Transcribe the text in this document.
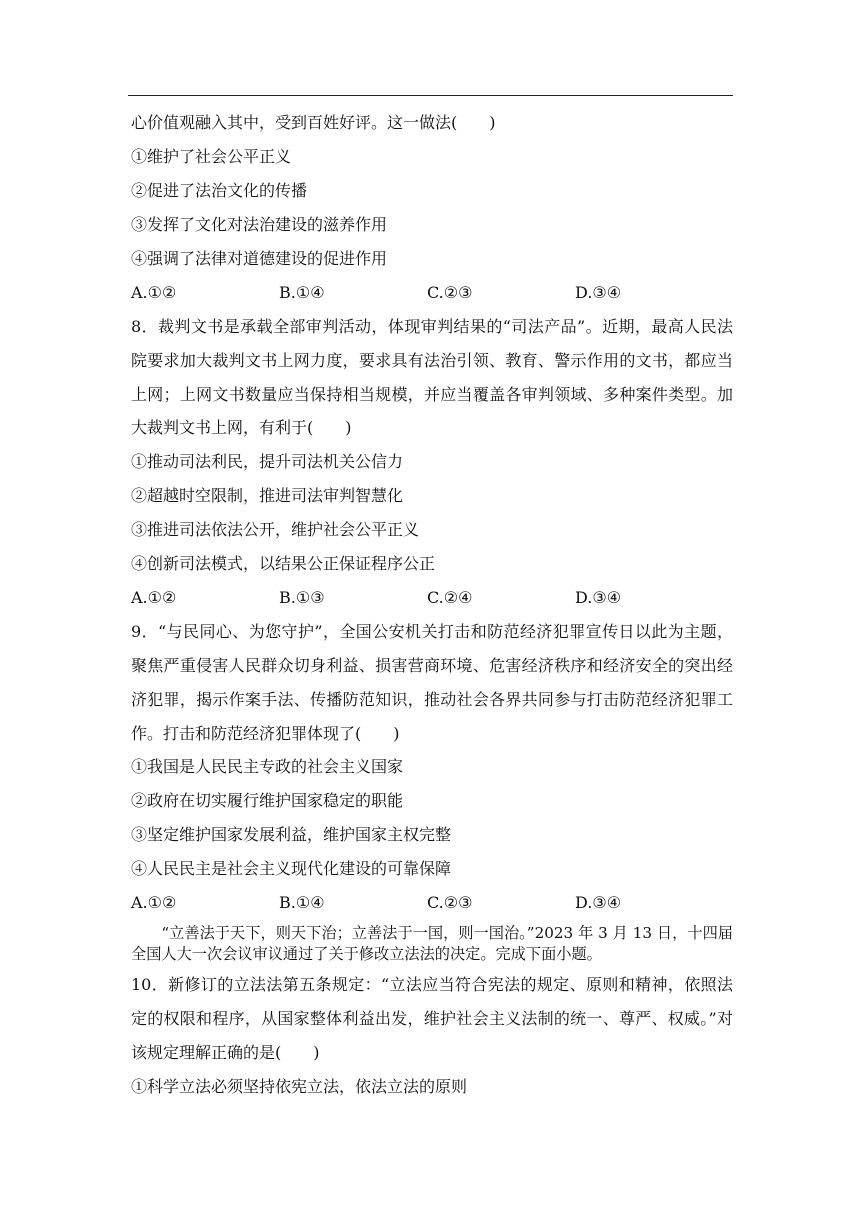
心价值观融入其中，受到百姓好评。这一做法(　　)
①维护了社会公平正义
②促进了法治文化的传播
③发挥了文化对法治建设的滋养作用
④强调了法律对道德建设的促进作用
A.①②	B.①④	C.②③	D.③④
8．裁判文书是承载全部审判活动，体现审判结果的“司法产品”。近期，最高人民法院要求加大裁判文书上网力度，要求具有法治引领、教育、警示作用的文书，都应当上网；上网文书数量应当保持相当规模，并应当覆盖各审判领域、多种案件类型。加大裁判文书上网，有利于(　　)
①推动司法利民，提升司法机关公信力
②超越时空限制，推进司法审判智慧化
③推进司法依法公开，维护社会公平正义
④创新司法模式，以结果公正保证程序公正
A.①②	B.①③	C.②④	D.③④
9．“与民同心、为您守护”，全国公安机关打击和防范经济犯罪宣传日以此为主题，聚焦严重侵害人民群众切身利益、损害营商环境、危害经济秩序和经济安全的突出经济犯罪，揭示作案手法、传播防范知识，推动社会各界共同参与打击防范经济犯罪工作。打击和防范经济犯罪体现了(　　)
①我国是人民民主专政的社会主义国家
②政府在切实履行维护国家稳定的职能
③坚定维护国家发展利益，维护国家主权完整
④人民民主是社会主义现代化建设的可靠保障
A.①②	B.①④	C.②③	D.③④
“立善法于天下，则天下治；立善法于一国，则一国治。”2023 年 3 月 13 日，十四届全国人大一次会议审议通过了关于修改立法法的决定。完成下面小题。
10．新修订的立法法第五条规定：“立法应当符合宪法的规定、原则和精神，依照法定的权限和程序，从国家整体利益出发，维护社会主义法制的统一、尊严、权威。”对该规定理解正确的是(　　)
①科学立法必须坚持依宪立法，依法立法的原则
